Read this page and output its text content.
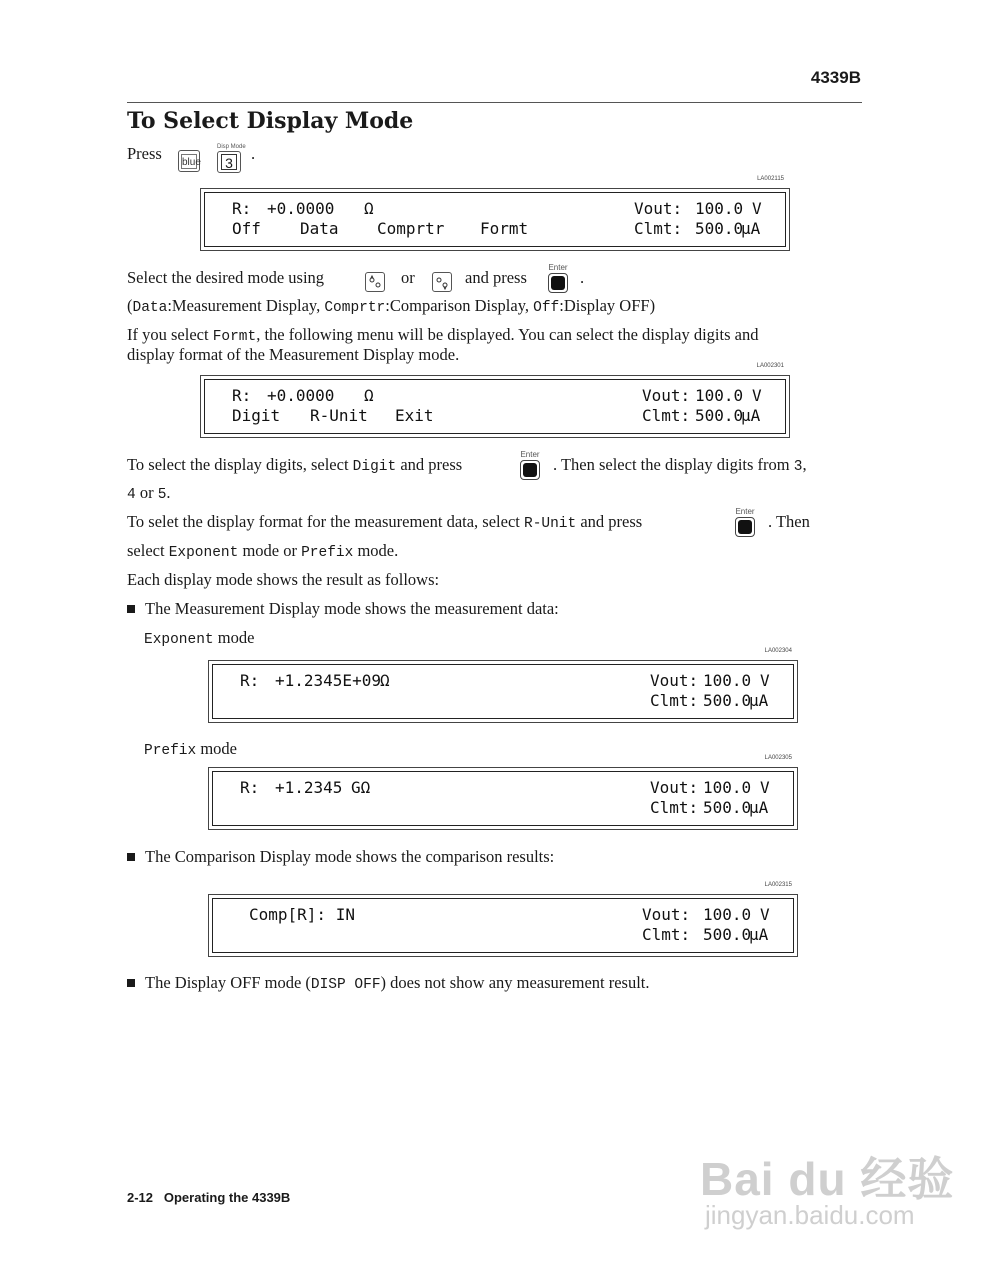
4339B
To Select Display Mode
Press blue
Disp Mode
3 .
LA002115
R: +0.0000 Ω	Vout: 100.0 V
Off Data Comprtr Formt	Clmt: 500.0
μA
Select the desired mode using	or	and press
Enter
.
(Data:Measurement Display, Comprtr:Comparison Display, Off:Display OFF)
If you select Formt, the following menu will be displayed. You can select the display digits and
display format of the Measurement Display mode.
LA002301
R: +0.0000 Ω	Vout: 100.0 V
Digit R-Unit Exit	Clmt: 500.0
μA
To select the display digits, select Digit and press
Enter
. Then select the display digits from 3,
4 or 5.
To selet the display format for the measurement data, select R-Unit and press
Enter
. Then
select Exponent mode or Prefix mode.
Each display mode shows the result as follows:
The Measurement Display mode shows the measurement data:
Exponent mode
LA002304
R: +1.2345E+09 Ω	Vout: 100.0 V
Clmt: 500.0
μA
Prefix mode	LA002305
R: +1.2345 GΩ	Vout: 100.0 V
Clmt: 500.0
μA
The Comparison Display mode shows the comparison results:
LA002315
Comp[R]: IN	Vout: 100.0 V
Clmt: 500.0
μA
The Display OFF mode (DISP OFF) does not show any measurement result.
Bai du 经验
jingyan.baidu.com
2-12 Operating the 4339B
